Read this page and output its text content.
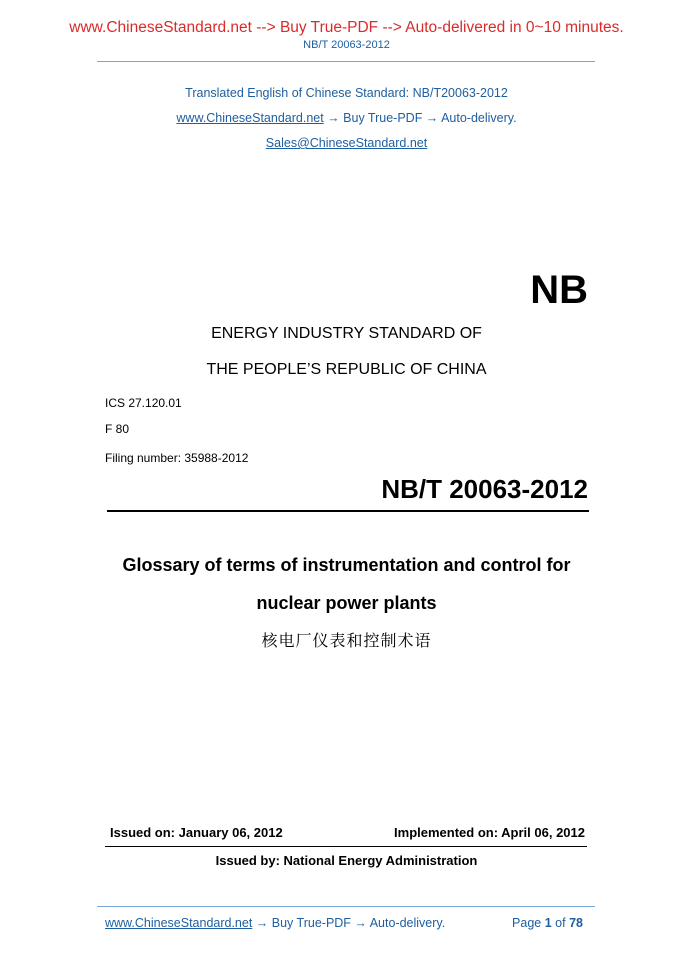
www.ChineseStandard.net --> Buy True-PDF --> Auto-delivered in 0~10 minutes.
NB/T 20063-2012
Translated English of Chinese Standard: NB/T20063-2012
www.ChineseStandard.net → Buy True-PDF → Auto-delivery.
Sales@ChineseStandard.net
NB
ENERGY INDUSTRY STANDARD OF
THE PEOPLE’S REPUBLIC OF CHINA
ICS 27.120.01
F 80
Filing number: 35988-2012
NB/T 20063-2012
Glossary of terms of instrumentation and control for
nuclear power plants
核电厂仪表和控制术语
Issued on: January 06, 2012	Implemented on: April 06, 2012
Issued by: National Energy Administration
www.ChineseStandard.net → Buy True-PDF → Auto-delivery.	Page 1 of 78
